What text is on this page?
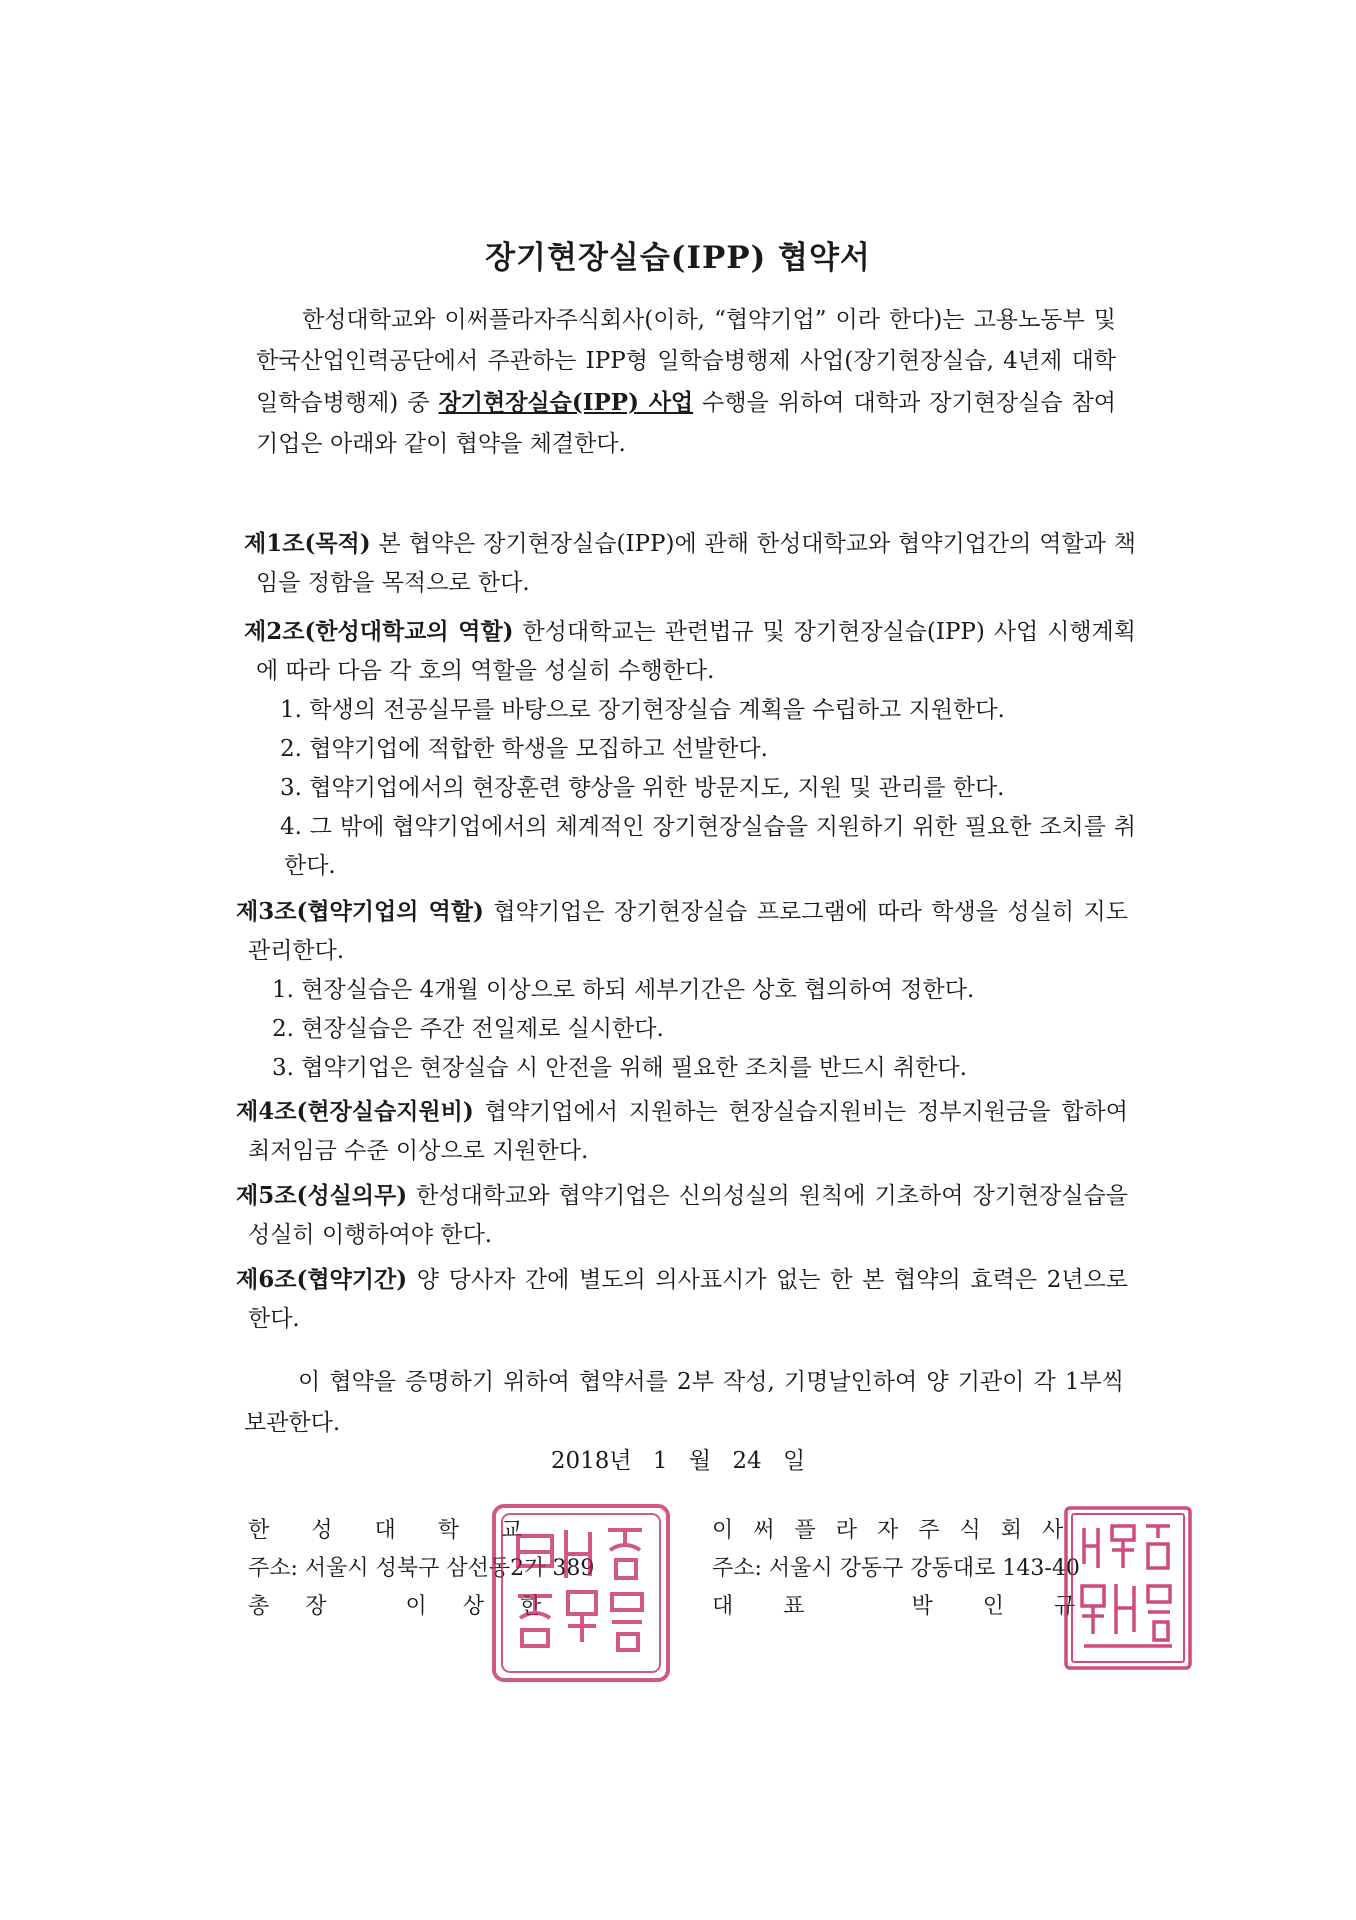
장기현장실습(IPP) 협약서
한성대학교와 이써플라자주식회사(이하, “협약기업” 이라 한다)는 고용노동부 및 한국산업인력공단에서 주관하는 IPP형 일학습병행제 사업(장기현장실습, 4년제 대학 일학습병행제) 중 장기현장실습(IPP) 사업 수행을 위하여 대학과 장기현장실습 참여 기업은 아래와 같이 협약을 체결한다.
제1조(목적) 본 협약은 장기현장실습(IPP)에 관해 한성대학교와 협약기업간의 역할과 책임을 정함을 목적으로 한다.
제2조(한성대학교의 역할) 한성대학교는 관련법규 및 장기현장실습(IPP) 사업 시행계획에 따라 다음 각 호의 역할을 성실히 수행한다.
1. 학생의 전공실무를 바탕으로 장기현장실습 계획을 수립하고 지원한다.
2. 협약기업에 적합한 학생을 모집하고 선발한다.
3. 협약기업에서의 현장훈련 향상을 위한 방문지도, 지원 및 관리를 한다.
4. 그 밖에 협약기업에서의 체계적인 장기현장실습을 지원하기 위한 필요한 조치를 취한다.
제3조(협약기업의 역할) 협약기업은 장기현장실습 프로그램에 따라 학생을 성실히 지도 관리한다.
1. 현장실습은 4개월 이상으로 하되 세부기간은 상호 협의하여 정한다.
2. 현장실습은 주간 전일제로 실시한다.
3. 협약기업은 현장실습 시 안전을 위해 필요한 조치를 반드시 취한다.
제4조(현장실습지원비) 협약기업에서 지원하는 현장실습지원비는 정부지원금을 합하여 최저임금 수준 이상으로 지원한다.
제5조(성실의무) 한성대학교와 협약기업은 신의성실의 원칙에 기초하여 장기현장실습을 성실히 이행하여야 한다.
제6조(협약기간) 양 당사자 간에 별도의 의사표시가 없는 한 본 협약의 효력은 2년으로 한다.
이 협약을 증명하기 위하여 협약서를 2부 작성, 기명날인하여 양 기관이 각 1부씩 보관한다.
2018년 1 월 24 일
한성대학교
주소: 서울시 성북구 삼선동2가 389
총장 이상한
이써플라자주식회사
주소: 서울시 강동구 강동대로 143-40
대표 박인규
